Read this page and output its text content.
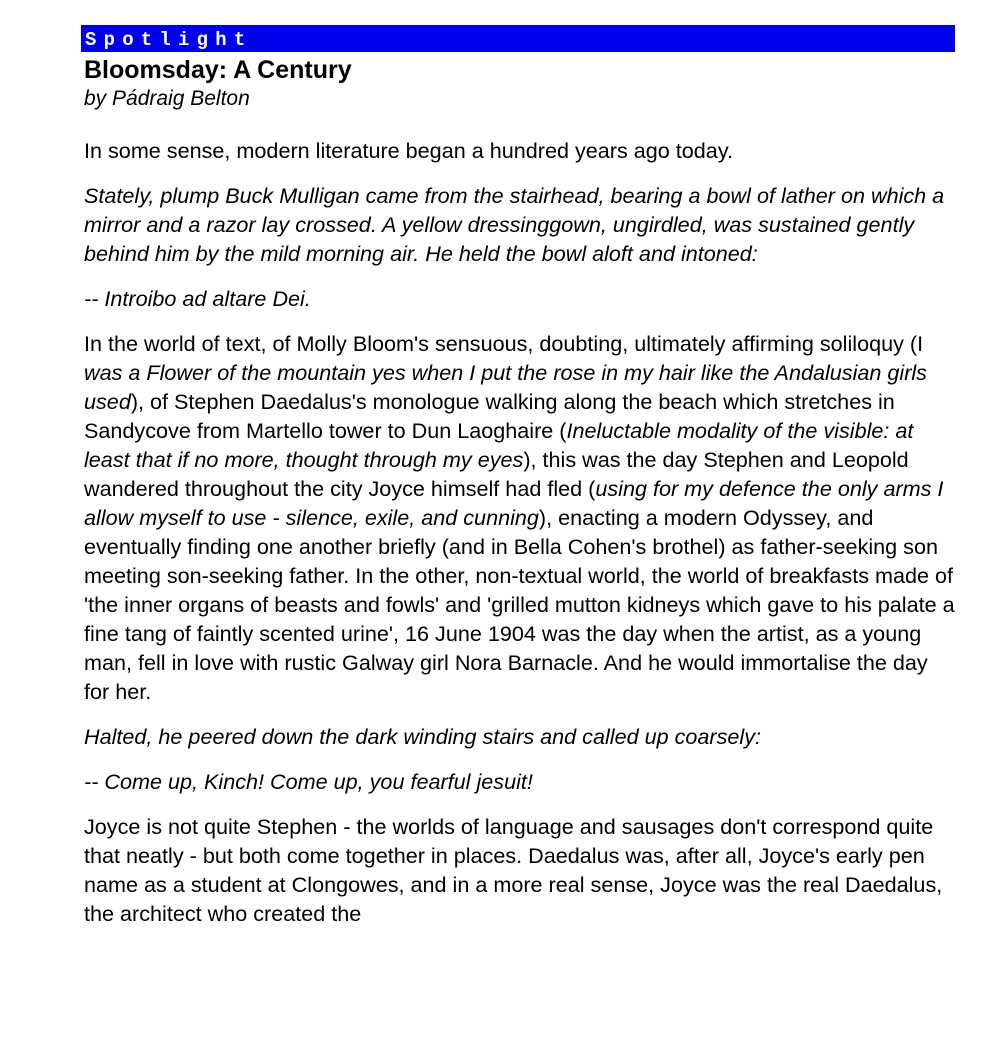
Spotlight
Bloomsday: A Century

by Pádraig Belton

In some sense, modern literature began a hundred years ago today.

Stately, plump Buck Mulligan came from the stairhead, bearing a bowl of lather on which a mirror and a razor lay crossed. A yellow dressinggown, ungirdled, was sustained gently behind him by the mild morning air. He held the bowl aloft and intoned:

-- Introibo ad altare Dei.

In the world of text, of Molly Bloom's sensuous, doubting, ultimately affirming soliloquy (I was a Flower of the mountain yes when I put the rose in my hair like the Andalusian girls used), of Stephen Daedalus's monologue walking along the beach which stretches in Sandycove from Martello tower to Dun Laoghaire (Ineluctable modality of the visible: at least that if no more, thought through my eyes), this was the day Stephen and Leopold wandered throughout the city Joyce himself had fled (using for my defence the only arms I allow myself to use - silence, exile, and cunning), enacting a modern Odyssey, and eventually finding one another briefly (and in Bella Cohen's brothel) as father-seeking son meeting son-seeking father. In the other, non-textual world, the world of breakfasts made of 'the inner organs of beasts and fowls' and 'grilled mutton kidneys which gave to his palate a fine tang of faintly scented urine', 16 June 1904 was the day when the artist, as a young man, fell in love with rustic Galway girl Nora Barnacle. And he would immortalise the day for her.

Halted, he peered down the dark winding stairs and called up coarsely:

-- Come up, Kinch! Come up, you fearful jesuit!

Joyce is not quite Stephen - the worlds of language and sausages don't correspond quite that neatly - but both come together in places. Daedalus was, after all, Joyce's early pen name as a student at Clongowes, and in a more real sense, Joyce was the real Daedalus, the architect who created the
